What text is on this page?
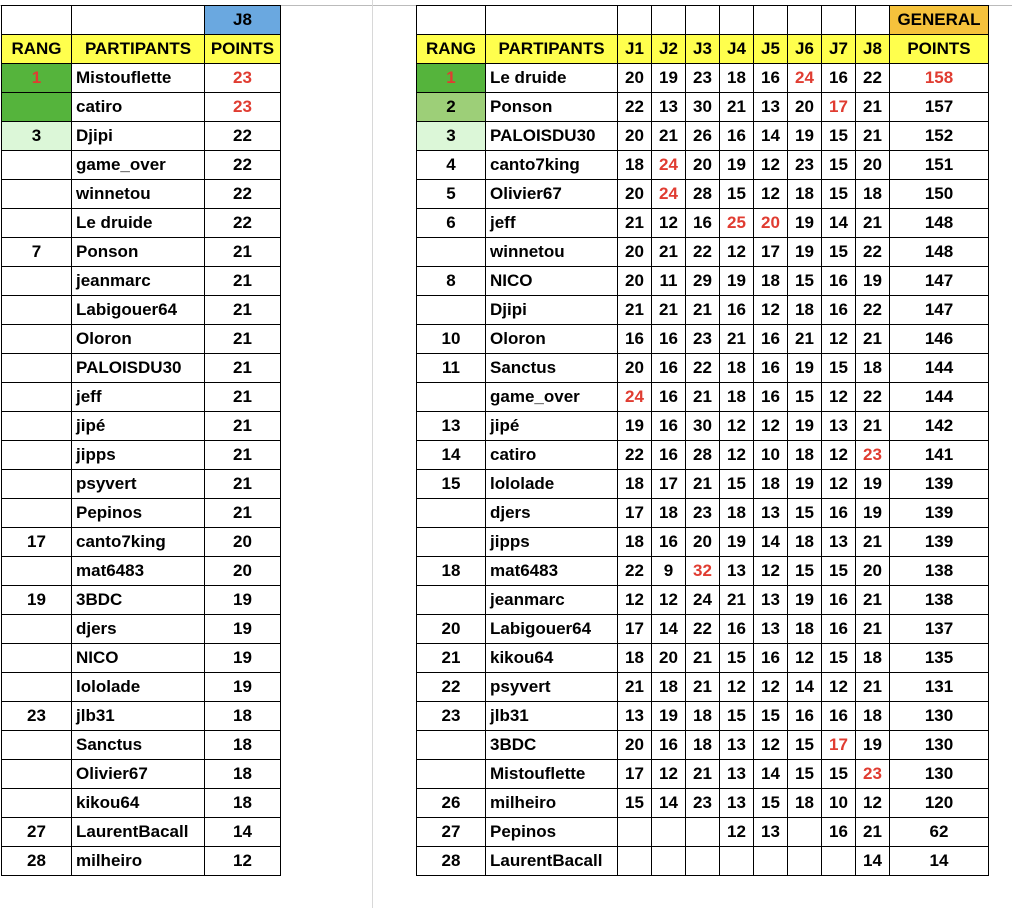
		J8
RANG	PARTIPANTS	POINTS
1	Mistouflette	23
	catiro	23
3	Djipi	22
	game_over	22
	winnetou	22
	Le druide	22
7	Ponson	21
	jeanmarc	21
	Labigouer64	21
	Oloron	21
	PALOISDU30	21
	jeff	21
	jipé	21
	jipps	21
	psyvert	21
	Pepinos	21
17	canto7king	20
	mat6483	20
19	3BDC	19
	djers	19
	NICO	19
	lololade	19
23	jlb31	18
	Sanctus	18
	Olivier67	18
	kikou64	18
27	LaurentBacall	14
28	milheiro	12
										GENERAL
RANG	PARTIPANTS	J1	J2	J3	J4	J5	J6	J7	J8	POINTS
1	Le druide	20	19	23	18	16	24	16	22	158
2	Ponson	22	13	30	21	13	20	17	21	157
3	PALOISDU30	20	21	26	16	14	19	15	21	152
4	canto7king	18	24	20	19	12	23	15	20	151
5	Olivier67	20	24	28	15	12	18	15	18	150
6	jeff	21	12	16	25	20	19	14	21	148
	winnetou	20	21	22	12	17	19	15	22	148
8	NICO	20	11	29	19	18	15	16	19	147
	Djipi	21	21	21	16	12	18	16	22	147
10	Oloron	16	16	23	21	16	21	12	21	146
11	Sanctus	20	16	22	18	16	19	15	18	144
	game_over	24	16	21	18	16	15	12	22	144
13	jipé	19	16	30	12	12	19	13	21	142
14	catiro	22	16	28	12	10	18	12	23	141
15	lololade	18	17	21	15	18	19	12	19	139
	djers	17	18	23	18	13	15	16	19	139
	jipps	18	16	20	19	14	18	13	21	139
18	mat6483	22	9	32	13	12	15	15	20	138
	jeanmarc	12	12	24	21	13	19	16	21	138
20	Labigouer64	17	14	22	16	13	18	16	21	137
21	kikou64	18	20	21	15	16	12	15	18	135
22	psyvert	21	18	21	12	12	14	12	21	131
23	jlb31	13	19	18	15	15	16	16	18	130
	3BDC	20	16	18	13	12	15	17	19	130
	Mistouflette	17	12	21	13	14	15	15	23	130
26	milheiro	15	14	23	13	15	18	10	12	120
27	Pepinos				12	13		16	21	62
28	LaurentBacall								14	14
